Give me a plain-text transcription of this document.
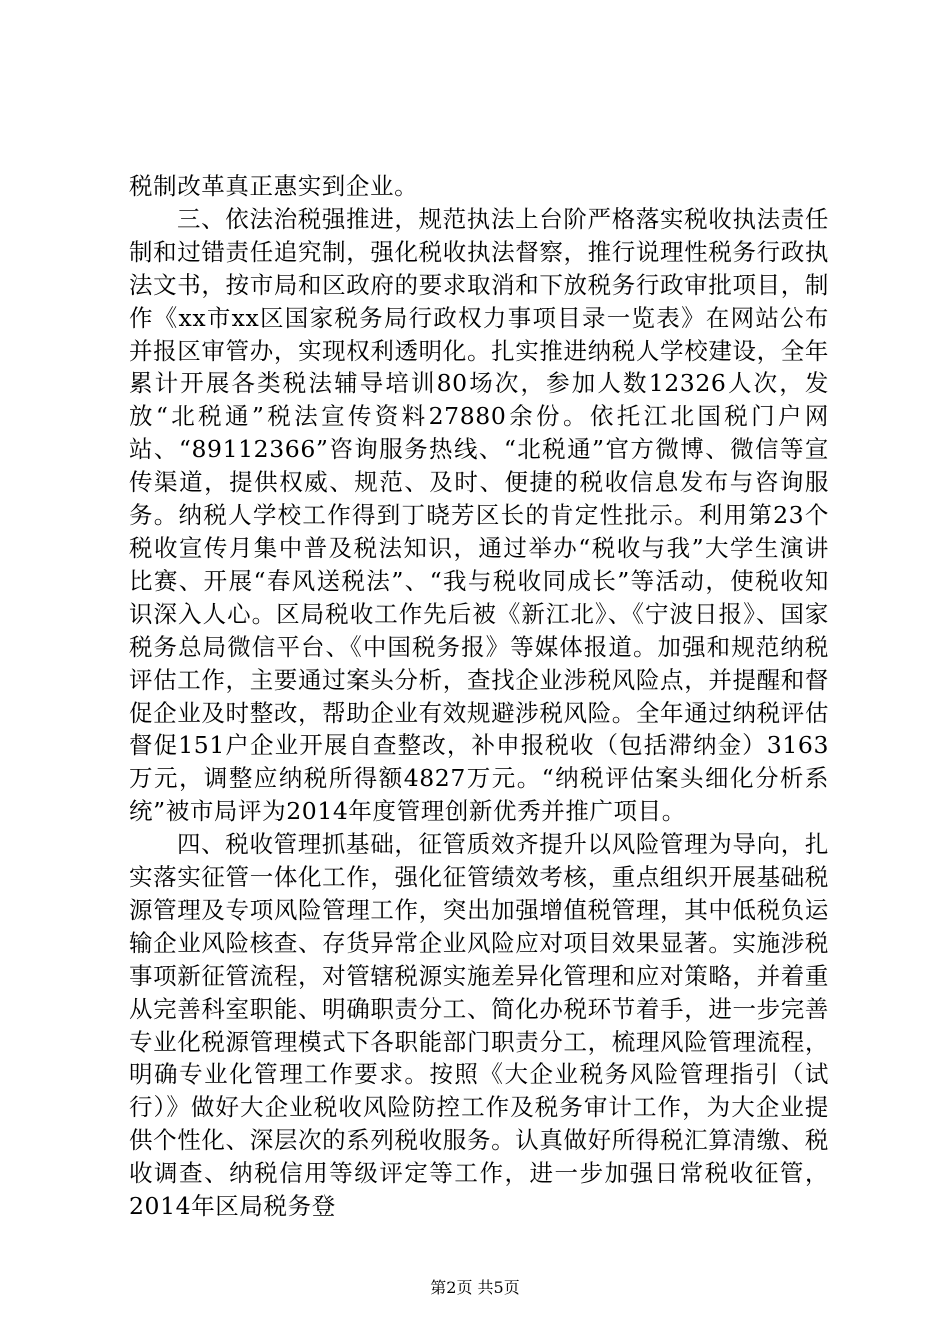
税制改革真正惠实到企业。

三、依法治税强推进，规范执法上台阶严格落实税收执法责任制和过错责任追究制，强化税收执法督察，推行说理性税务行政执法文书，按市局和区政府的要求取消和下放税务行政审批项目，制作《xx市xx区国家税务局行政权力事项目录一览表》在网站公布并报区审管办，实现权利透明化。扎实推进纳税人学校建设，全年累计开展各类税法辅导培训80场次，参加人数12326人次，发放“北税通”税法宣传资料27880余份。依托江北国税门户网站、“89112366”咨询服务热线、“北税通”官方微博、微信等宣传渠道，提供权威、规范、及时、便捷的税收信息发布与咨询服务。纳税人学校工作得到丁晓芳区长的肯定性批示。利用第23个税收宣传月集中普及税法知识，通过举办“税收与我”大学生演讲比赛、开展“春风送税法”、“我与税收同成长”等活动，使税收知识深入人心。区局税收工作先后被《新江北》、《宁波日报》、国家税务总局微信平台、《中国税务报》等媒体报道。加强和规范纳税评估工作，主要通过案头分析，查找企业涉税风险点，并提醒和督促企业及时整改，帮助企业有效规避涉税风险。全年通过纳税评估督促151户企业开展自查整改，补申报税收（包括滞纳金）3163万元，调整应纳税所得额4827万元。“纳税评估案头细化分析系统”被市局评为2014年度管理创新优秀并推广项目。

四、税收管理抓基础，征管质效齐提升以风险管理为导向，扎实落实征管一体化工作，强化征管绩效考核，重点组织开展基础税源管理及专项风险管理工作，突出加强增值税管理，其中低税负运输企业风险核查、存货异常企业风险应对项目效果显著。实施涉税事项新征管流程，对管辖税源实施差异化管理和应对策略，并着重从完善科室职能、明确职责分工、简化办税环节着手，进一步完善专业化税源管理模式下各职能部门职责分工，梳理风险管理流程，明确专业化管理工作要求。按照《大企业税务风险管理指引（试行）》做好大企业税收风险防控工作及税务审计工作，为大企业提供个性化、深层次的系列税收服务。认真做好所得税汇算清缴、税收调查、纳税信用等级评定等工作，进一步加强日常税收征管，2014年区局税务登

第2页 共5页
